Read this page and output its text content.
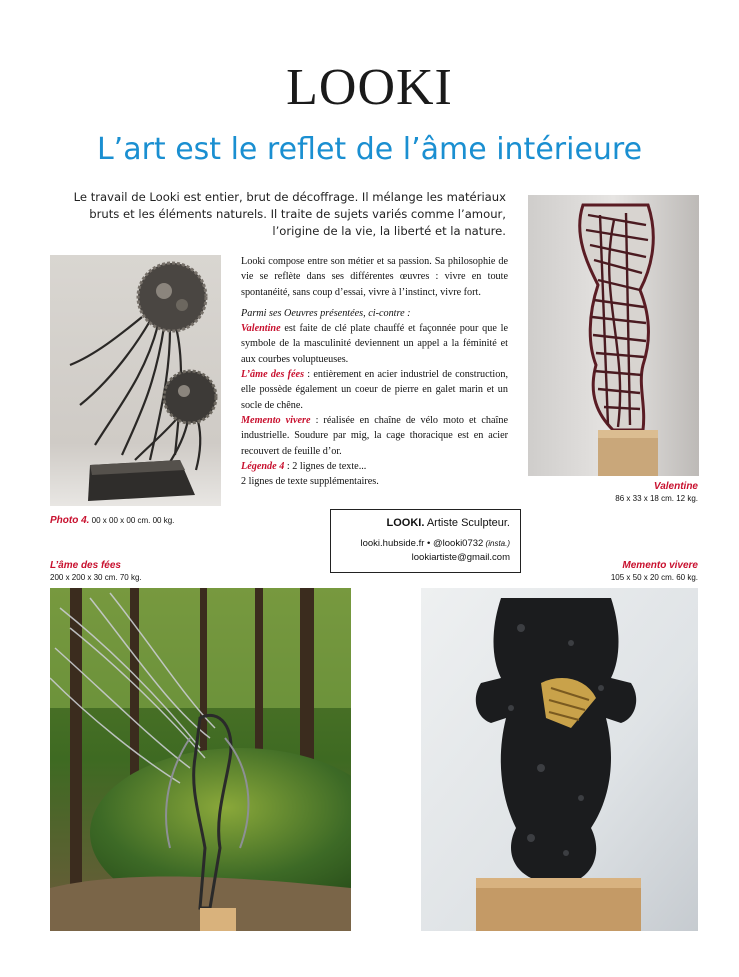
LOOKI
L’art est le reflet de l’âme intérieure
Le travail de Looki est entier, brut de décoffrage. Il mélange les matériaux bruts et les éléments naturels. Il traite de sujets variés comme l’amour, l’origine de la vie, la liberté et la nature.
Photo 4. 00 x 00 x 00 cm. 00 kg.

Looki compose entre son métier et sa passion. Sa philosophie de vie se reflète dans ses différentes œuvres : vivre en toute spontanéité, sans coup d’essai, vivre à l’instinct, vivre fort.

Parmi ses Oeuvres présentées, ci-contre :

Valentine est faite de clé plate chauffé et façonnée pour que le symbole de la masculinité deviennent un appel a la féminité et aux courbes voluptueuses.

L’âme des fées : entièrement en acier industriel de construction, elle possède également un coeur de pierre en galet marin et un socle de chêne.

Memento vivere : réalisée en chaîne de vélo moto et chaîne industrielle. Soudure par mig, la cage thoracique est en acier recouvert de feuille d’or.

Légende 4 : 2 lignes de texte...

2 lignes de texte supplémentaires.	Valentine
86 x 33 x 18 cm. 12 kg.
LOOKI. Artiste Sculpteur.
looki.hubside.fr • @looki0732 (insta.)
lookiartiste@gmail.com
L’âme des fées
200 x 200 x 30 cm. 70 kg.
Memento vivere
105 x 50 x 20 cm. 60 kg.
